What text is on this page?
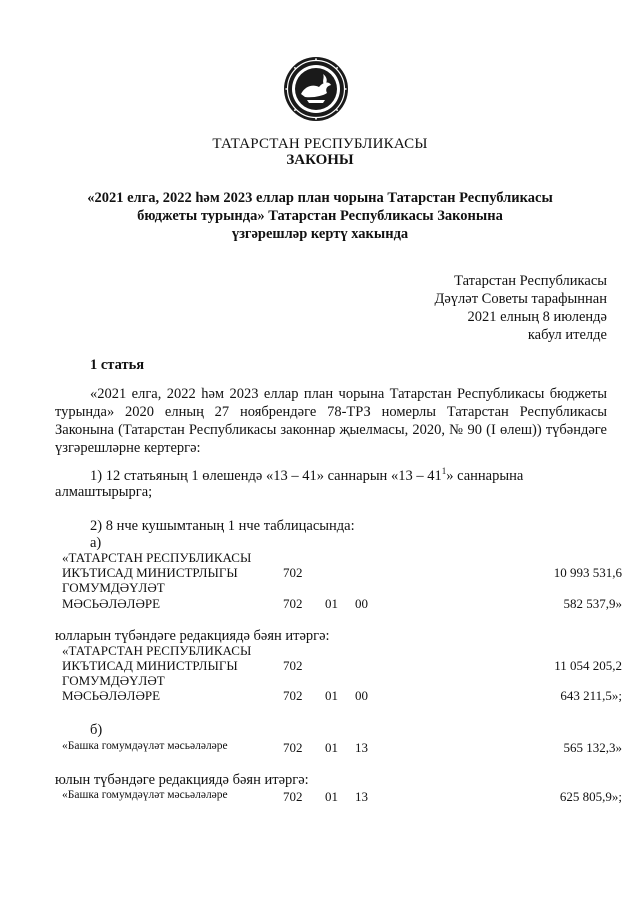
ТАТАРСТАН РЕСПУБЛИКАСЫ
ЗАКОНЫ
«2021 елга, 2022 һәм 2023 еллар план чорына Татарстан Республикасы
бюджеты турында» Татарстан Республикасы Законына
үзгәрешләр кертү хакында
Татарстан Республикасы
Дәүләт Советы тарафыннан
2021 елның 8 июлендә
кабул ителде
1 статья
«2021 елга, 2022 һәм 2023 еллар план чорына Татарстан Республикасы бюджеты турында» 2020 елның 27 ноябрендәге 78-ТРЗ номерлы Татарстан Республикасы Законына (Татарстан Республикасы законнар җыелмасы, 2020, № 90 (I өлеш)) түбәндәге үзгәрешләрне кертергә:
1) 12 статьяның 1 өлешендә «13 – 41» саннарын «$13 - 41^1$» саннарына
алмаштырырга;
2) 8 нче кушымтаның 1 нче таблицасында:
а)
«ТАТАРСТАН РЕСПУБЛИКАСЫ
ИКЪТИСАД МИНИСТРЛЫГЫ	702	10 993 531,6
ГОМУМДӘҮЛӘТ
МӘСЬӘЛӘЛӘРЕ	702 01 00	582 537,9»
юлларын түбәндәге редакциядә бәян итәргә:
«ТАТАРСТАН РЕСПУБЛИКАСЫ
ИКЪТИСАД МИНИСТРЛЫГЫ	702	11 054 205,2
ГОМУМДӘҮЛӘТ
МӘСЬӘЛӘЛӘРЕ	702 01 00	643 211,5»;
б)
«Башка гомумдәүләт мәсьәләләре	702 01 13	565 132,3»
юлын түбәндәге редакциядә бәян итәргә:
«Башка гомумдәүләт мәсьәләләре	702 01 13	625 805,9»;
